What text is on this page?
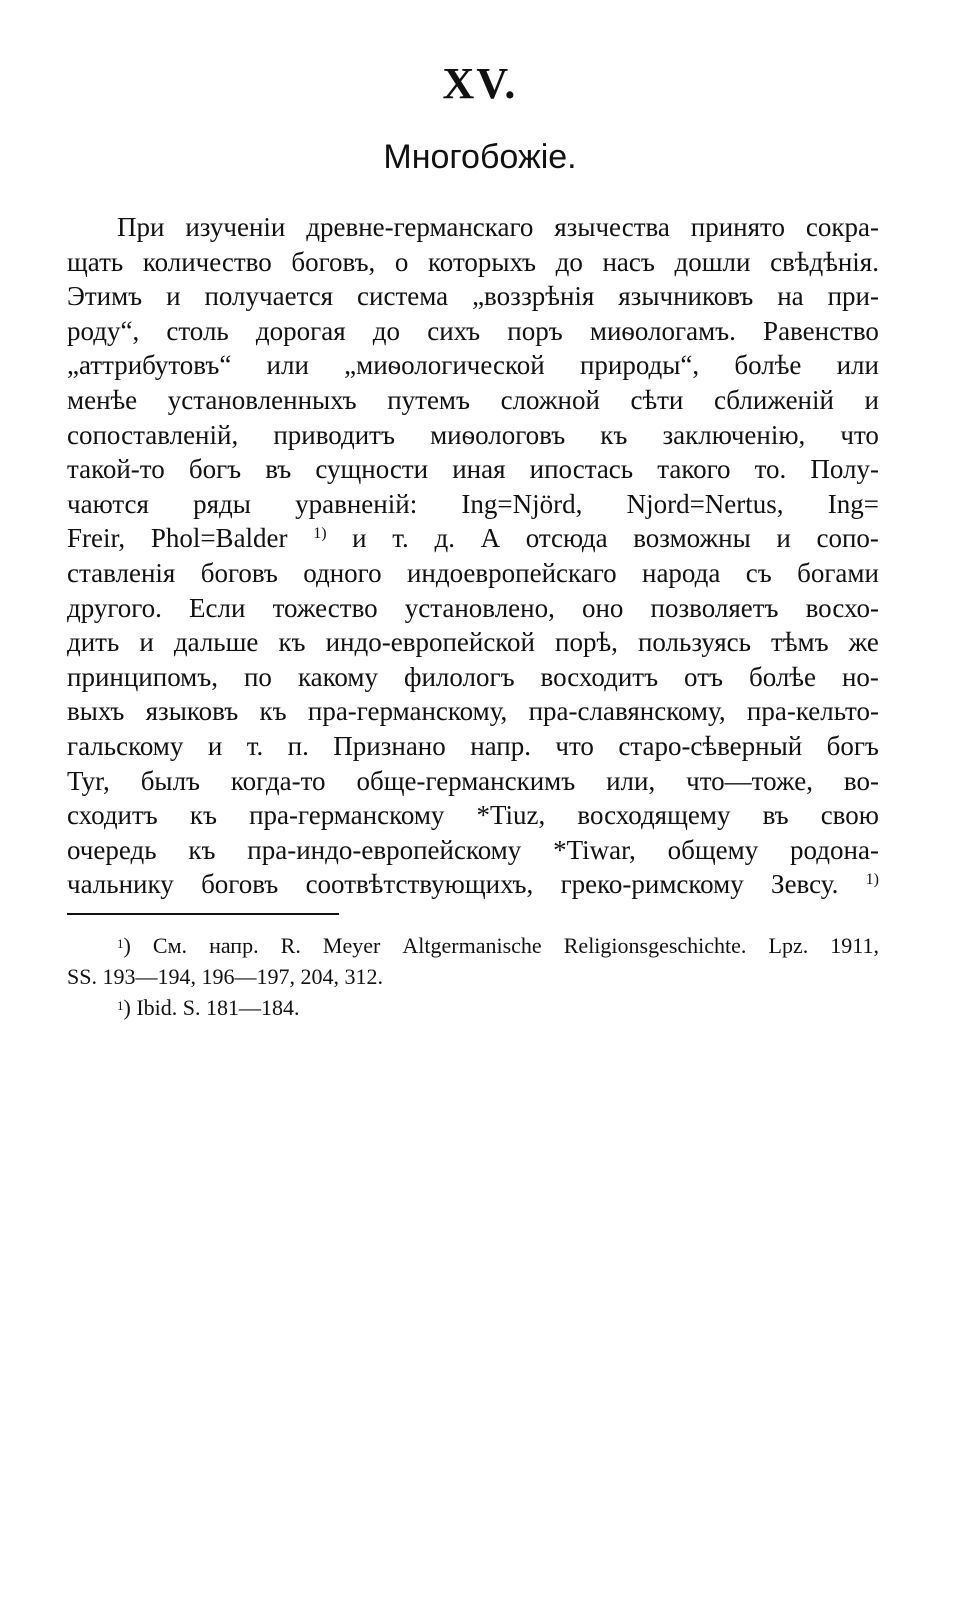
XV.
Многобожіе.
При изученіи древне-германскаго язычества принято сокра-
щать количество боговъ, о которыхъ до насъ дошли свѣдѣнія.
Этимъ и получается система „воззрѣнія язычниковъ на при-
роду“, столь дорогая до сихъ поръ миѳологамъ. Равенство
„аттрибутовъ“ или „миѳологической природы“, болѣе или
менѣе установленныхъ путемъ сложной сѣти сближеній и
сопоставленій, приводитъ миѳологовъ къ заключенію, что
такой-то богъ въ сущности иная ипостась такого то. Полу-
чаются ряды уравненій: Ing=Njörd, Njord=Nertus, Ing=
Freir, Phol=Balder $^{1)}$ и т. д. А отсюда возможны и сопо-
ставленія боговъ одного индоевропейскаго народа съ богами
другого. Если тожество установлено, оно позволяетъ восхо-
дить и дальше къ индо-европейской порѣ, пользуясь тѣмъ же
принципомъ, по какому филологъ восходитъ отъ болѣе но-
выхъ языковъ къ пра-германскому, пра-славянскому, пра-кельто-
гальскому и т. п. Признано напр. что старо-сѣверный богъ
Tyr, былъ когда-то обще-германскимъ или, что—тоже, во-
сходитъ къ пра-германскому *Tiuz, восходящему въ свою
очередь къ пра-индо-европейскому *Tiwar, общему родона-
чальнику боговъ соотвѣтствующихъ, греко-римскому Зевсу. $^{1)}$
$^1$) См. напр. R. Meyer Altgermanische Religionsgeschichte. Lpz. 1911,
SS. 193—194, 196—197, 204, 312.
$^1$) Ibid. S. 181—184.
